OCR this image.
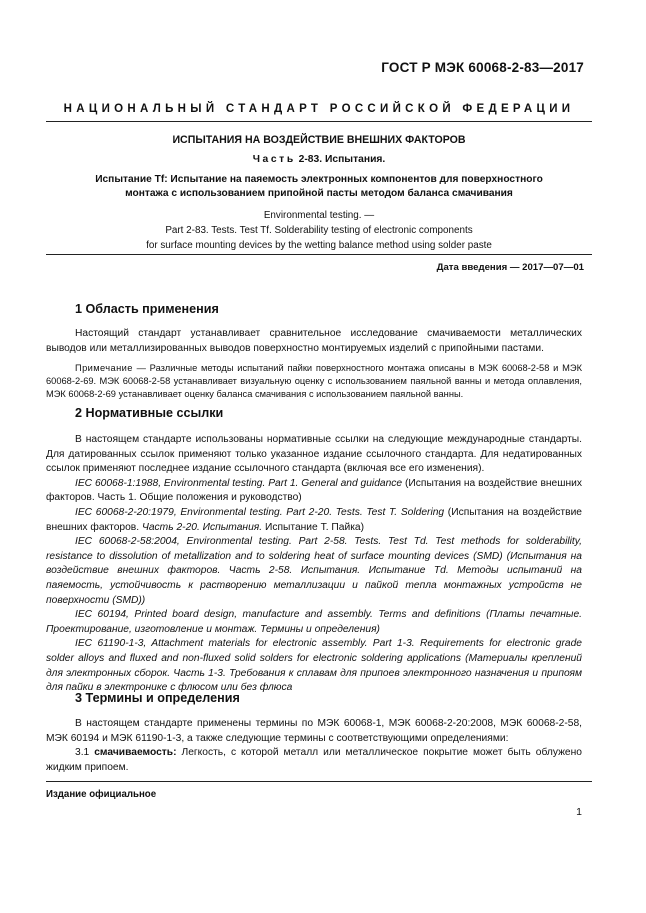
ГОСТ Р МЭК 60068-2-83—2017
НАЦИОНАЛЬНЫЙ СТАНДАРТ РОССИЙСКОЙ ФЕДЕРАЦИИ
ИСПЫТАНИЯ НА ВОЗДЕЙСТВИЕ ВНЕШНИХ ФАКТОРОВ
Часть 2-83. Испытания.
Испытание Tf: Испытание на паяемость электронных компонентов для поверхностного
монтажа с использованием припойной пасты методом баланса смачивания
Environmental testing. —
Part 2-83. Tests. Test Tf. Solderability testing of electronic components
for surface mounting devices by the wetting balance method using solder paste
Дата введения — 2017—07—01
1 Область применения

Настоящий стандарт устанавливает сравнительное исследование смачиваемости металлических выводов или металлизированных выводов поверхностно монтируемых изделий с припойными пастами.

Примечание — Различные методы испытаний пайки поверхностного монтажа описаны в МЭК 60068-2-58 и МЭК 60068-2-69. МЭК 60068-2-58 устанавливает визуальную оценку с использованием паяльной ванны и метода оплавления, МЭК 60068-2-69 устанавливает оценку баланса смачивания с использованием паяльной ванны.

2 Нормативные ссылки

В настоящем стандарте использованы нормативные ссылки на следующие международные стандарты. Для датированных ссылок применяют только указанное издание ссылочного стандарта. Для недатированных ссылок применяют последнее издание ссылочного стандарта (включая все его изменения).

IEC 60068-1:1988, Environmental testing. Part 1. General and guidance (Испытания на воздействие внешних факторов. Часть 1. Общие положения и руководство)

IEC 60068-2-20:1979, Environmental testing. Part 2-20. Tests. Test T. Soldering (Испытания на воздействие внешних факторов. Часть 2-20. Испытания. Испытание Т. Пайка)

IEC 60068-2-58:2004, Environmental testing. Part 2-58. Tests. Test Td. Test methods for solderability, resistance to dissolution of metallization and to soldering heat of surface mounting devices (SMD) (Испытания на воздействие внешних факторов. Часть 2-58. Испытания. Испытание Td. Методы испытаний на паяемость, устойчивость к растворению металлизации и пайкой тепла монтажных устройств не поверхности (SMD))

IEC 60194, Printed board design, manufacture and assembly. Terms and definitions (Платы печатные. Проектирование, изготовление и монтаж. Термины и определения)

IEC 61190-1-3, Attachment materials for electronic assembly. Part 1-3. Requirements for electronic grade solder alloys and fluxed and non-fluxed solid solders for electronic soldering applications (Материалы креплений для электронных сборок. Часть 1-3. Требования к сплавам для припоев электронного назначения и припоям для пайки в электронике с флюсом или без флюса

3 Термины и определения

В настоящем стандарте применены термины по МЭК 60068-1, МЭК 60068-2-20:2008, МЭК 60068-2-58, МЭК 60194 и МЭК 61190-1-3, а также следующие термины с соответствующими определениями:

3.1 смачиваемость: Легкость, с которой металл или металлическое покрытие может быть облужено жидким припоем.

Издание официальное
1
